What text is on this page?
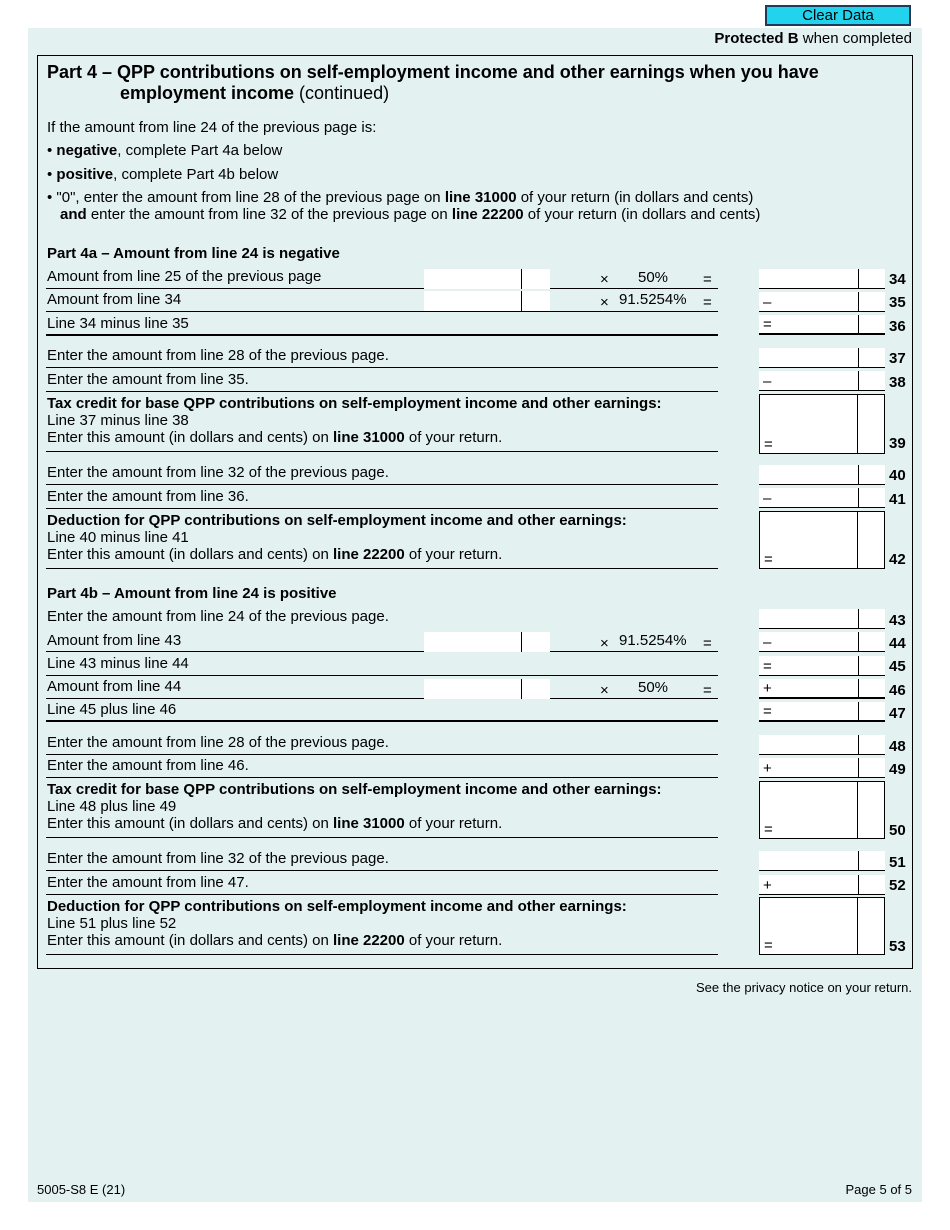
Clear Data
Protected B when completed
Part 4 – QPP contributions on self-employment income and other earnings when you have
employment income (continued)
If the amount from line 24 of the previous page is:
• negative, complete Part 4a below
• positive, complete Part 4b below
• "0", enter the amount from line 28 of the previous page on line 31000 of your return (in dollars and cents)
and enter the amount from line 32 of the previous page on line 22200 of your return (in dollars and cents)
Part 4a – Amount from line 24 is negative
Amount from line 25 of the previous page	× 50% =	34
Amount from line 34	× 91.5254% =	–	35
Line 34 minus line 35	=	36
Enter the amount from line 28 of the previous page.	37
Enter the amount from line 35.	–	38
Tax credit for base QPP contributions on self-employment income and other earnings:
Line 37 minus line 38
Enter this amount (in dollars and cents) on line 31000 of your return.	=	39
Enter the amount from line 32 of the previous page.	40
Enter the amount from line 36.	–	41
Deduction for QPP contributions on self-employment income and other earnings:
Line 40 minus line 41
Enter this amount (in dollars and cents) on line 22200 of your return.	=	42
Part 4b – Amount from line 24 is positive
Enter the amount from line 24 of the previous page.	43
Amount from line 43	× 91.5254% =	–	44
Line 43 minus line 44	=	45
Amount from line 44	× 50% =	+	46
Line 45 plus line 46	=	47
Enter the amount from line 28 of the previous page.	48
Enter the amount from line 46.	+	49
Tax credit for base QPP contributions on self-employment income and other earnings:
Line 48 plus line 49
Enter this amount (in dollars and cents) on line 31000 of your return.	=	50
Enter the amount from line 32 of the previous page.	51
Enter the amount from line 47.	+	52
Deduction for QPP contributions on self-employment income and other earnings:
Line 51 plus line 52
Enter this amount (in dollars and cents) on line 22200 of your return.	=	53
See the privacy notice on your return.
5005-S8 E (21)	Page 5 of 5
